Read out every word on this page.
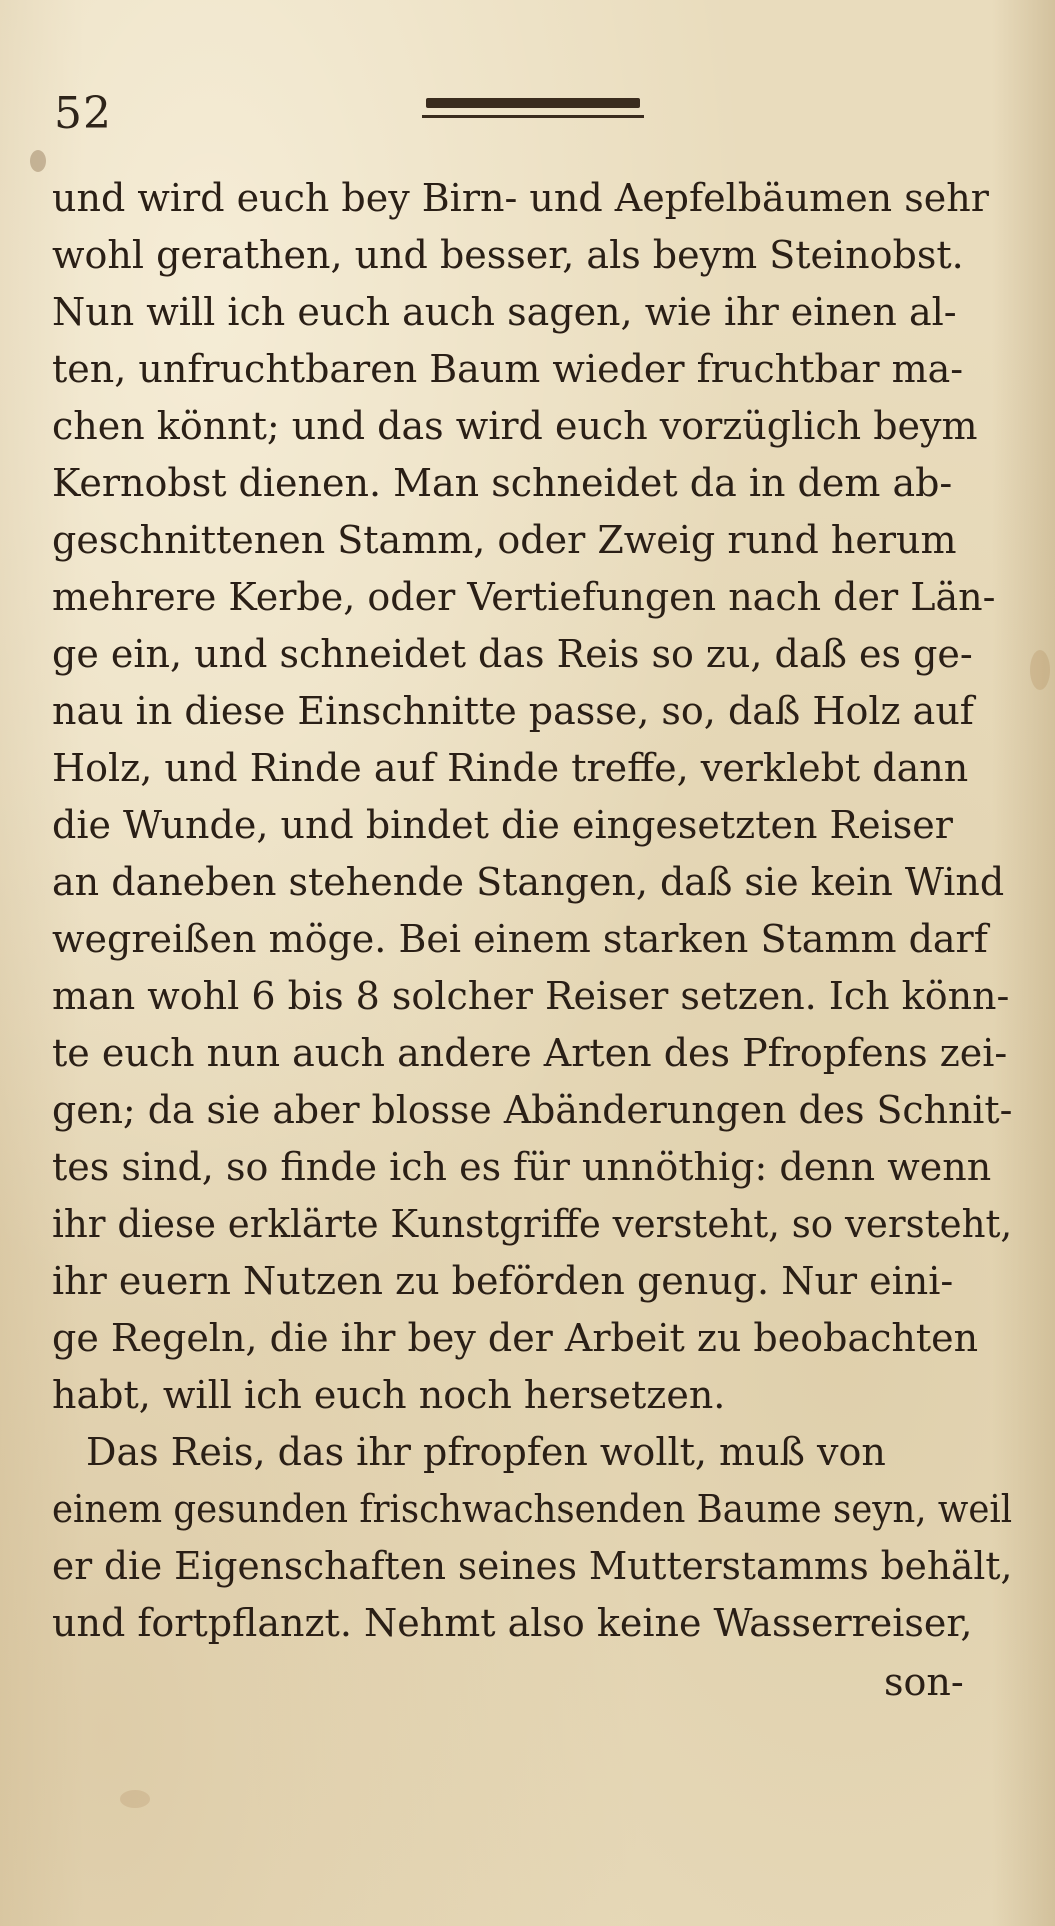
52
und wird euch bey Birn- und Aepfelbäumen sehr
wohl gerathen, und besser, als beym Steinobst.
Nun will ich euch auch sagen, wie ihr einen al-
ten, unfruchtbaren Baum wieder fruchtbar ma-
chen könnt; und das wird euch vorzüglich beym
Kernobst dienen. Man schneidet da in dem ab-
geschnittenen Stamm, oder Zweig rund herum
mehrere Kerbe, oder Vertiefungen nach der Län-
ge ein, und schneidet das Reis so zu, daß es ge-
nau in diese Einschnitte passe, so, daß Holz auf
Holz, und Rinde auf Rinde treffe, verklebt dann
die Wunde, und bindet die eingesetzten Reiser
an daneben stehende Stangen, daß sie kein Wind
wegreißen möge. Bei einem starken Stamm darf
man wohl 6 bis 8 solcher Reiser setzen. Ich könn-
te euch nun auch andere Arten des Pfropfens zei-
gen; da sie aber blosse Abänderungen des Schnit-
tes sind, so finde ich es für unnöthig: denn wenn
ihr diese erklärte Kunstgriffe versteht, so versteht,
ihr euern Nutzen zu beförden genug. Nur eini-
ge Regeln, die ihr bey der Arbeit zu beobachten
habt, will ich euch noch hersetzen.
Das Reis, das ihr pfropfen wollt, muß von
einem gesunden frischwachsenden Baume seyn, weil
er die Eigenschaften seines Mutterstamms behält,
und fortpflanzt. Nehmt also keine Wasserreiser,
son-
